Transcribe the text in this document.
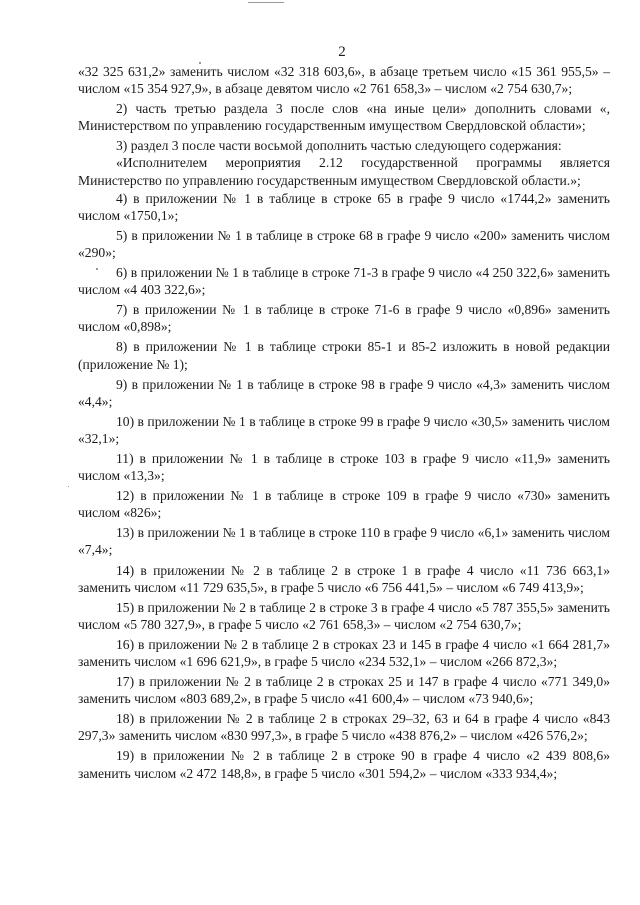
2

«32 325 631,2» заменить числом «32 318 603,6», в абзаце третьем число «15 361 955,5» – числом «15 354 927,9», в абзаце девятом число «2 761 658,3» – числом «2 754 630,7»;

2) часть третью раздела 3 после слов «на иные цели» дополнить словами «, Министерством по управлению государственным имуществом Свердловской области»;

3) раздел 3 после части восьмой дополнить частью следующего содержания:

«Исполнителем мероприятия 2.12 государственной программы является Министерство по управлению государственным имуществом Свердловской области.»;

4) в приложении № 1 в таблице в строке 65 в графе 9 число «1744,2» заменить числом «1750,1»;

5) в приложении № 1 в таблице в строке 68 в графе 9 число «200» заменить числом «290»;

6) в приложении № 1 в таблице в строке 71-3 в графе 9 число «4 250 322,6» заменить числом «4 403 322,6»;

7) в приложении № 1 в таблице в строке 71-6 в графе 9 число «0,896» заменить числом «0,898»;

8) в приложении № 1 в таблице строки 85-1 и 85-2 изложить в новой редакции (приложение № 1);

9) в приложении № 1 в таблице в строке 98 в графе 9 число «4,3» заменить числом «4,4»;

10) в приложении № 1 в таблице в строке 99 в графе 9 число «30,5» заменить числом «32,1»;

11) в приложении № 1 в таблице в строке 103 в графе 9 число «11,9» заменить числом «13,3»;

12) в приложении № 1 в таблице в строке 109 в графе 9 число «730» заменить числом «826»;

13) в приложении № 1 в таблице в строке 110 в графе 9 число «6,1» заменить числом «7,4»;

14) в приложении № 2 в таблице 2 в строке 1 в графе 4 число «11 736 663,1» заменить числом «11 729 635,5», в графе 5 число «6 756 441,5» – числом «6 749 413,9»;

15) в приложении № 2 в таблице 2 в строке 3 в графе 4 число «5 787 355,5» заменить числом «5 780 327,9», в графе 5 число «2 761 658,3» – числом «2 754 630,7»;

16) в приложении № 2 в таблице 2 в строках 23 и 145 в графе 4 число «1 664 281,7» заменить числом «1 696 621,9», в графе 5 число «234 532,1» – числом «266 872,3»;

17) в приложении № 2 в таблице 2 в строках 25 и 147 в графе 4 число «771 349,0» заменить числом «803 689,2», в графе 5 число «41 600,4» – числом «73 940,6»;

18) в приложении № 2 в таблице 2 в строках 29–32, 63 и 64 в графе 4 число «843 297,3» заменить числом «830 997,3», в графе 5 число «438 876,2» – числом «426 576,2»;

19) в приложении № 2 в таблице 2 в строке 90 в графе 4 число «2 439 808,6» заменить числом «2 472 148,8», в графе 5 число «301 594,2» – числом «333 934,4»;
